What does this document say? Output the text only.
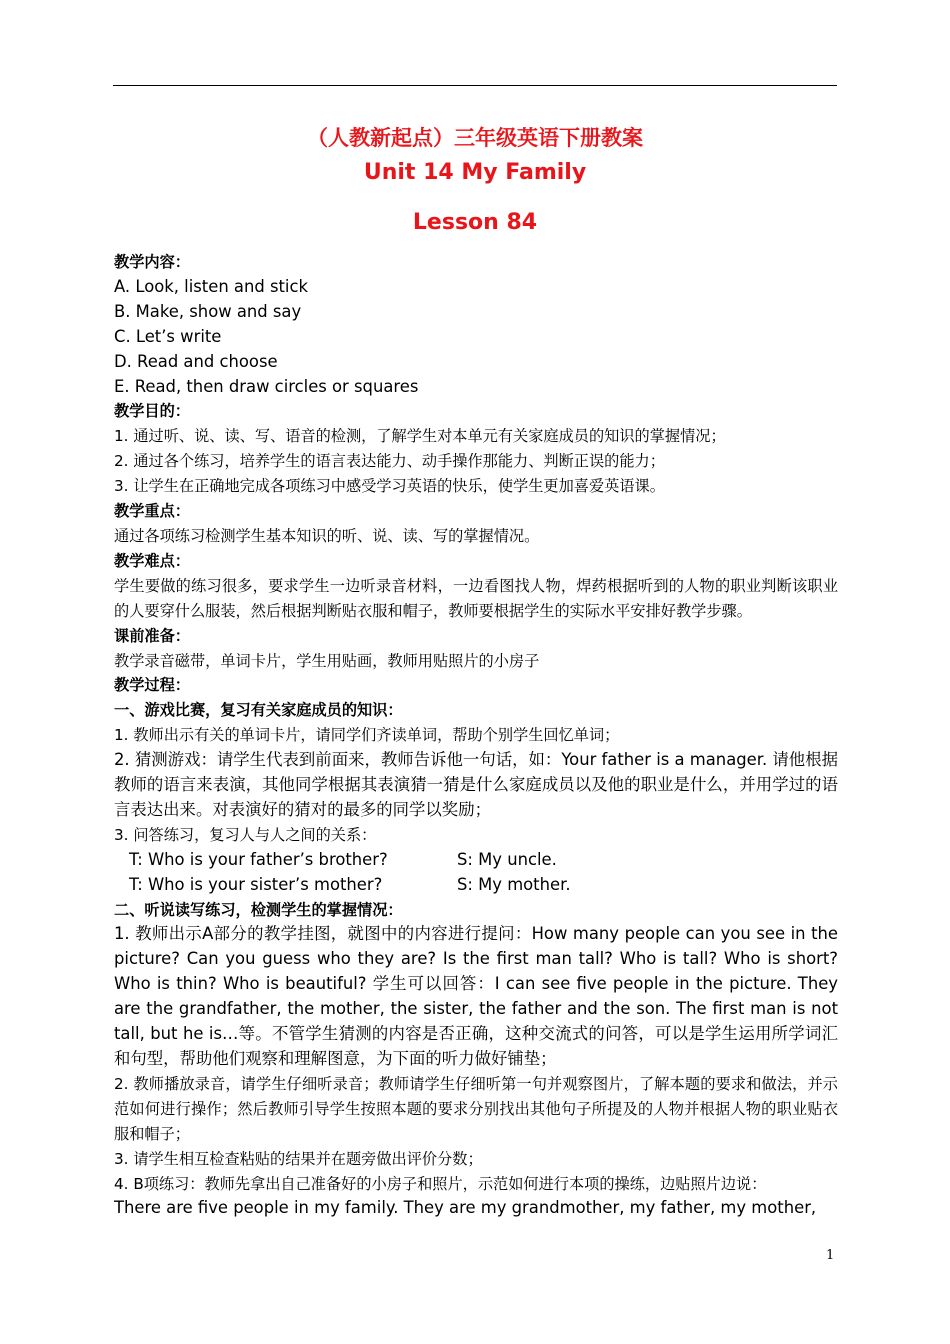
（人教新起点）三年级英语下册教案
Unit 14 My Family
Lesson 84
教学内容：
A. Look, listen and stick
B. Make, show and say
C. Let’s write
D. Read and choose
E. Read, then draw circles or squares
教学目的：
1. 通过听、说、读、写、语音的检测，了解学生对本单元有关家庭成员的知识的掌握情况；
2. 通过各个练习，培养学生的语言表达能力、动手操作那能力、判断正误的能力；
3. 让学生在正确地完成各项练习中感受学习英语的快乐，使学生更加喜爱英语课。
教学重点：
通过各项练习检测学生基本知识的听、说、读、写的掌握情况。
教学难点：
学生要做的练习很多，要求学生一边听录音材料，一边看图找人物，焊药根据听到的人物的职业判断该职业的人要穿什么服装，然后根据判断贴衣服和帽子，教师要根据学生的实际水平安排好教学步骤。
课前准备：
教学录音磁带，单词卡片，学生用贴画，教师用贴照片的小房子
教学过程：
一、游戏比赛，复习有关家庭成员的知识：
1. 教师出示有关的单词卡片，请同学们齐读单词，帮助个别学生回忆单词；
2. 猜测游戏：请学生代表到前面来，教师告诉他一句话，如：Your father is a manager. 请他根据教师的语言来表演，其他同学根据其表演猜一猜是什么家庭成员以及他的职业是什么，并用学过的语言表达出来。对表演好的猜对的最多的同学以奖励；
3. 问答练习，复习人与人之间的关系：
T: Who is your father’s brother?	S: My uncle.
T: Who is your sister’s mother?	S: My mother.
二、听说读写练习，检测学生的掌握情况：
1. 教师出示A部分的教学挂图，就图中的内容进行提问：How many people can you see in the picture? Can you guess who they are? Is the first man tall? Who is tall? Who is short? Who is thin? Who is beautiful? 学生可以回答：I can see five people in the picture. They are the grandfather, the mother, the sister, the father and the son. The first man is not tall, but he is…等。不管学生猜测的内容是否正确，这种交流式的问答，可以是学生运用所学词汇和句型，帮助他们观察和理解图意，为下面的听力做好铺垫；
2. 教师播放录音，请学生仔细听录音；教师请学生仔细听第一句并观察图片，了解本题的要求和做法，并示范如何进行操作；然后教师引导学生按照本题的要求分别找出其他句子所提及的人物并根据人物的职业贴衣服和帽子；
3. 请学生相互检查粘贴的结果并在题旁做出评价分数；
4. B项练习：教师先拿出自己准备好的小房子和照片，示范如何进行本项的操练，边贴照片边说：
There are five people in my family. They are my grandmother, my father, my mother,
1
